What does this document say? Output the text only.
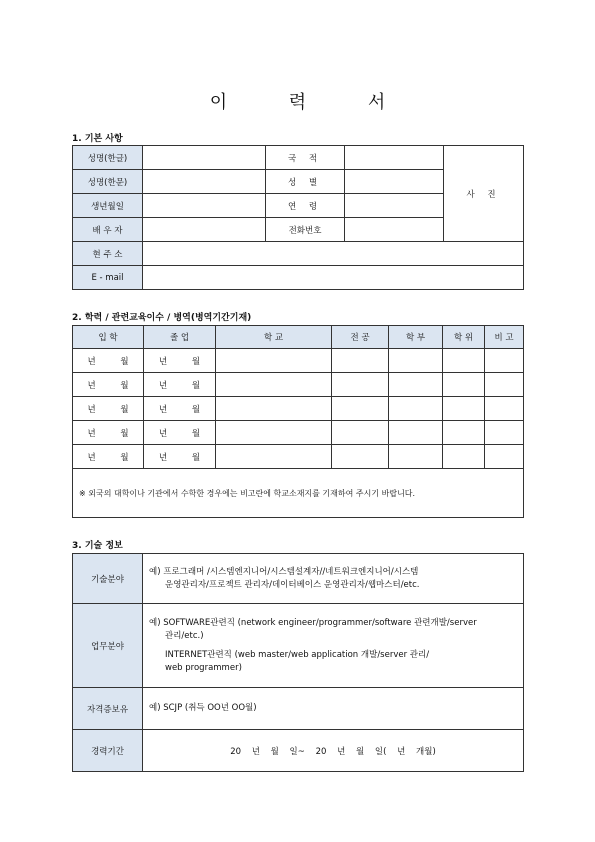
이 력 서
1. 기본 사항
성명(한글)		국 적		사 진
성명(한문)		성 별		
생년월일		연 령		
배 우 자		전화번호		
현 주 소				
E - mail				
2. 학력 / 관련교육이수 / 병역(병역기간기재)
입 학	졸 업	학 교	전 공	학 부	학 위	비 고
년 월	년 월					
년 월	년 월					
년 월	년 월					
년 월	년 월					
년 월	년 월					
※ 외국의 대학이나 기관에서 수학한 경우에는 비고란에 학교소재지를 기재하여 주시기 바랍니다.						
3. 기술 정보
기술분야	예) 프로그래머 /시스템엔지니어/시스템설계자//네트워크엔지니어/시스템
운영관리자/프로젝트 관리자/데이터베이스 운영관리자/웹마스터/etc.

업무분야	예) SOFTWARE관련직 (network engineer/programmer/software 관련개발/server
관리/etc.)
INTERNET관련직 (web master/web application 개발/server 관리/
web programmer)

자격증보유	예) SCJP (취득 OO년 OO월)
경력기간	20 년 월 일~ 20 년 월 일( 년 개월)
